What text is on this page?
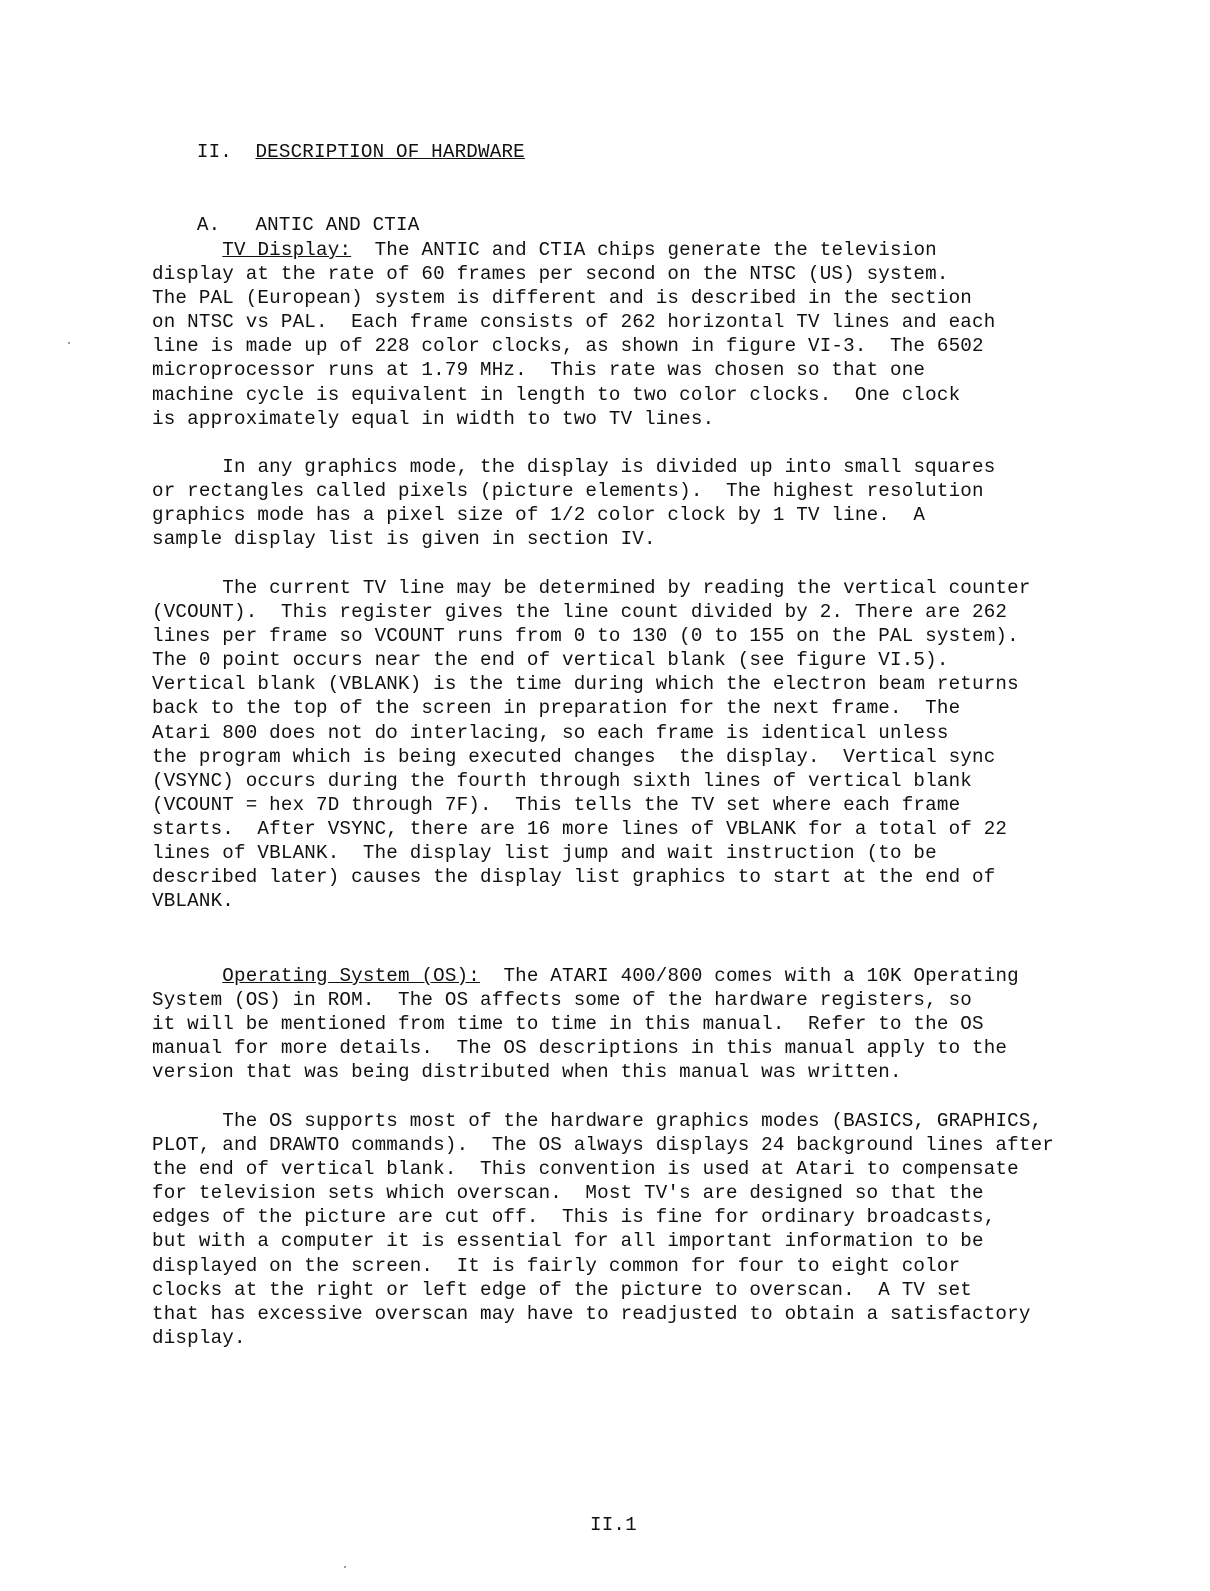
II. DESCRIPTION OF HARDWARE

A. ANTIC AND CTIA

TV Display: The ANTIC and CTIA chips generate the television
display at the rate of 60 frames per second on the NTSC (US) system.
The PAL (European) system is different and is described in the section
on NTSC vs PAL.  Each frame consists of 262 horizontal TV lines and each
line is made up of 228 color clocks, as shown in figure VI-3.  The 6502
microprocessor runs at 1.79 MHz.  This rate was chosen so that one
machine cycle is equivalent in length to two color clocks.  One clock
is approximately equal in width to two TV lines.
In any graphics mode, the display is divided up into small squares
or rectangles called pixels (picture elements).  The highest resolution
graphics mode has a pixel size of 1/2 color clock by 1 TV line.  A
sample display list is given in section IV.
The current TV line may be determined by reading the vertical counter
(VCOUNT).  This register gives the line count divided by 2. There are 262
lines per frame so VCOUNT runs from 0 to 130 (0 to 155 on the PAL system).
The 0 point occurs near the end of vertical blank (see figure VI.5).
Vertical blank (VBLANK) is the time during which the electron beam returns
back to the top of the screen in preparation for the next frame.  The
Atari 800 does not do interlacing, so each frame is identical unless
the program which is being executed changes  the display.  Vertical sync
(VSYNC) occurs during the fourth through sixth lines of vertical blank
(VCOUNT = hex 7D through 7F).  This tells the TV set where each frame
starts.  After VSYNC, there are 16 more lines of VBLANK for a total of 22
lines of VBLANK.  The display list jump and wait instruction (to be
described later) causes the display list graphics to start at the end of
VBLANK.
Operating System (OS): The ATARI 400/800 comes with a 10K Operating
System (OS) in ROM.  The OS affects some of the hardware registers, so
it will be mentioned from time to time in this manual.  Refer to the OS
manual for more details.  The OS descriptions in this manual apply to the
version that was being distributed when this manual was written.
The OS supports most of the hardware graphics modes (BASICS, GRAPHICS,
PLOT, and DRAWTO commands).  The OS always displays 24 background lines after
the end of vertical blank.  This convention is used at Atari to compensate
for television sets which overscan.  Most TV's are designed so that the
edges of the picture are cut off.  This is fine for ordinary broadcasts,
but with a computer it is essential for all important information to be
displayed on the screen.  It is fairly common for four to eight color
clocks at the right or left edge of the picture to overscan.  A TV set
that has excessive overscan may have to readjusted to obtain a satisfactory
display.
II.1
